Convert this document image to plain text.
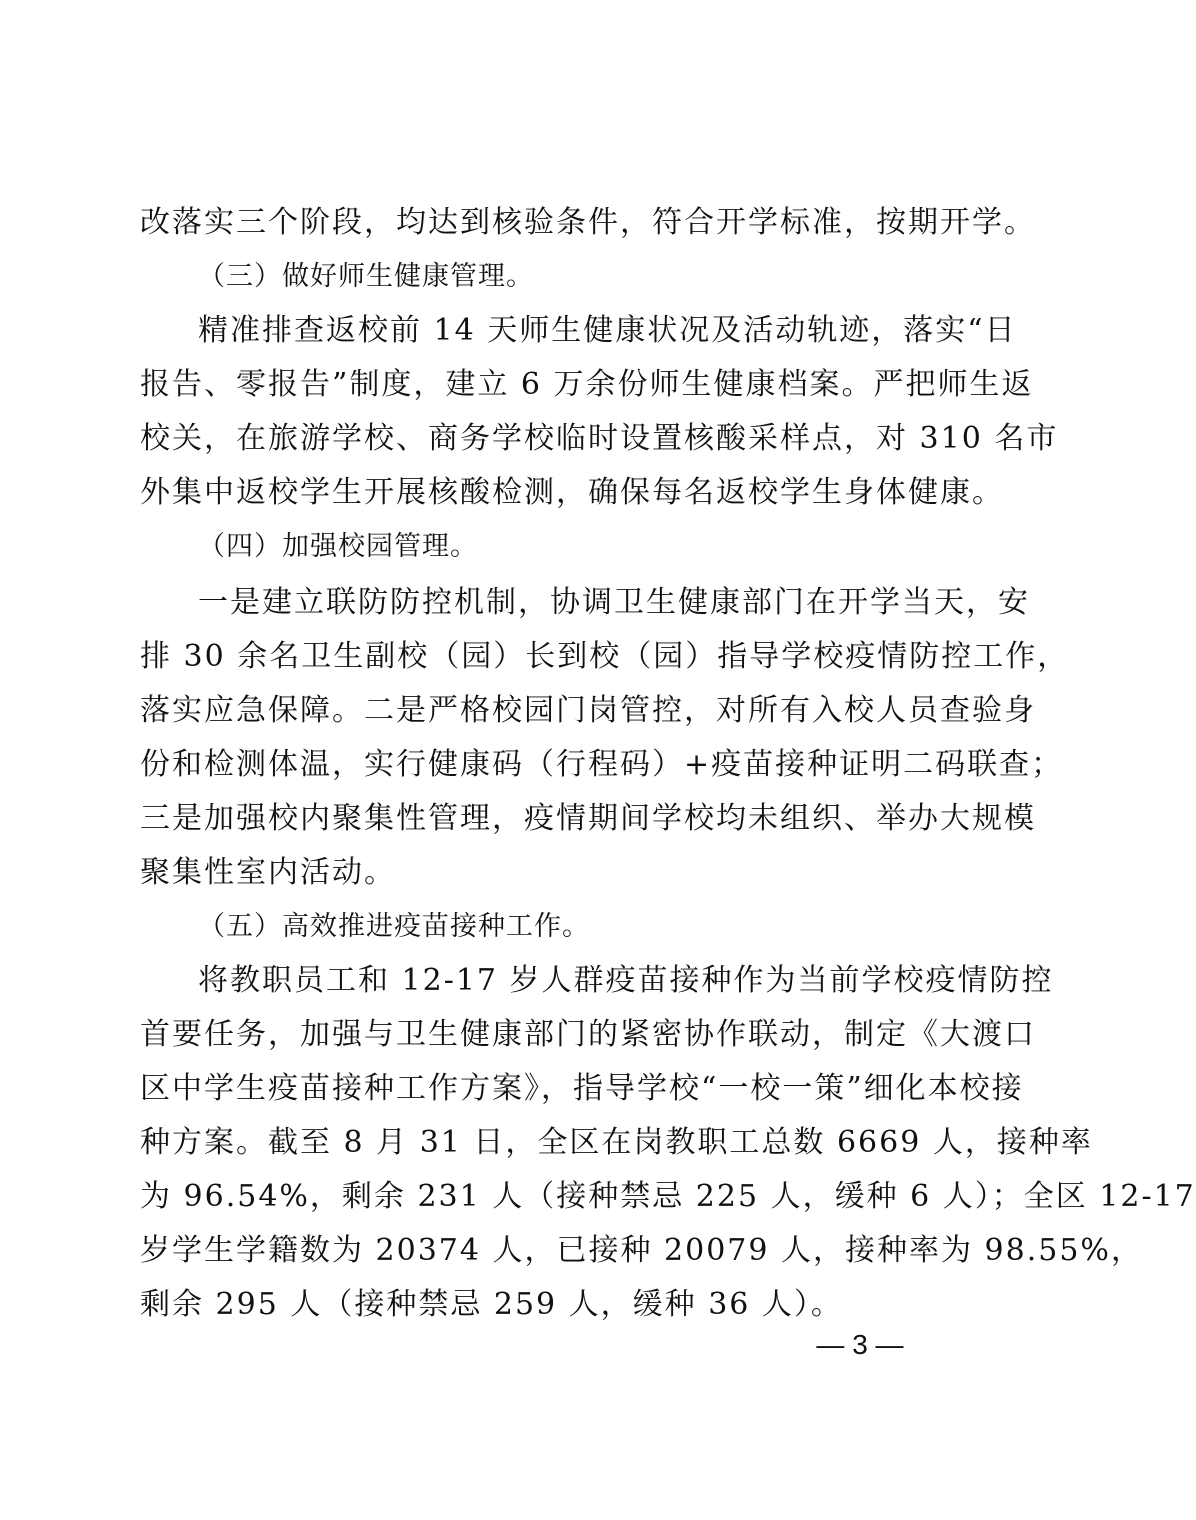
改落实三个阶段，均达到核验条件，符合开学标准，按期开学。
（三）做好师生健康管理。
精准排查返校前 14 天师生健康状况及活动轨迹，落实“日
报告、零报告”制度，建立 6 万余份师生健康档案。严把师生返
校关，在旅游学校、商务学校临时设置核酸采样点，对 310 名市
外集中返校学生开展核酸检测，确保每名返校学生身体健康。
（四）加强校园管理。
一是建立联防防控机制，协调卫生健康部门在开学当天，安
排 30 余名卫生副校（园）长到校（园）指导学校疫情防控工作，
落实应急保障。二是严格校园门岗管控，对所有入校人员查验身
份和检测体温，实行健康码（行程码）+疫苗接种证明二码联查；
三是加强校内聚集性管理，疫情期间学校均未组织、举办大规模
聚集性室内活动。
（五）高效推进疫苗接种工作。
将教职员工和 12-17 岁人群疫苗接种作为当前学校疫情防控
首要任务，加强与卫生健康部门的紧密协作联动，制定《大渡口
区中学生疫苗接种工作方案》，指导学校“一校一策”细化本校接
种方案。截至 8 月 31 日，全区在岗教职工总数 6669 人，接种率
为 96.54%，剩余 231 人（接种禁忌 225 人，缓种 6 人）；全区 12-17
岁学生学籍数为 20374 人，已接种 20079 人，接种率为 98.55%，
剩余 295 人（接种禁忌 259 人，缓种 36 人）。
— 3 —
